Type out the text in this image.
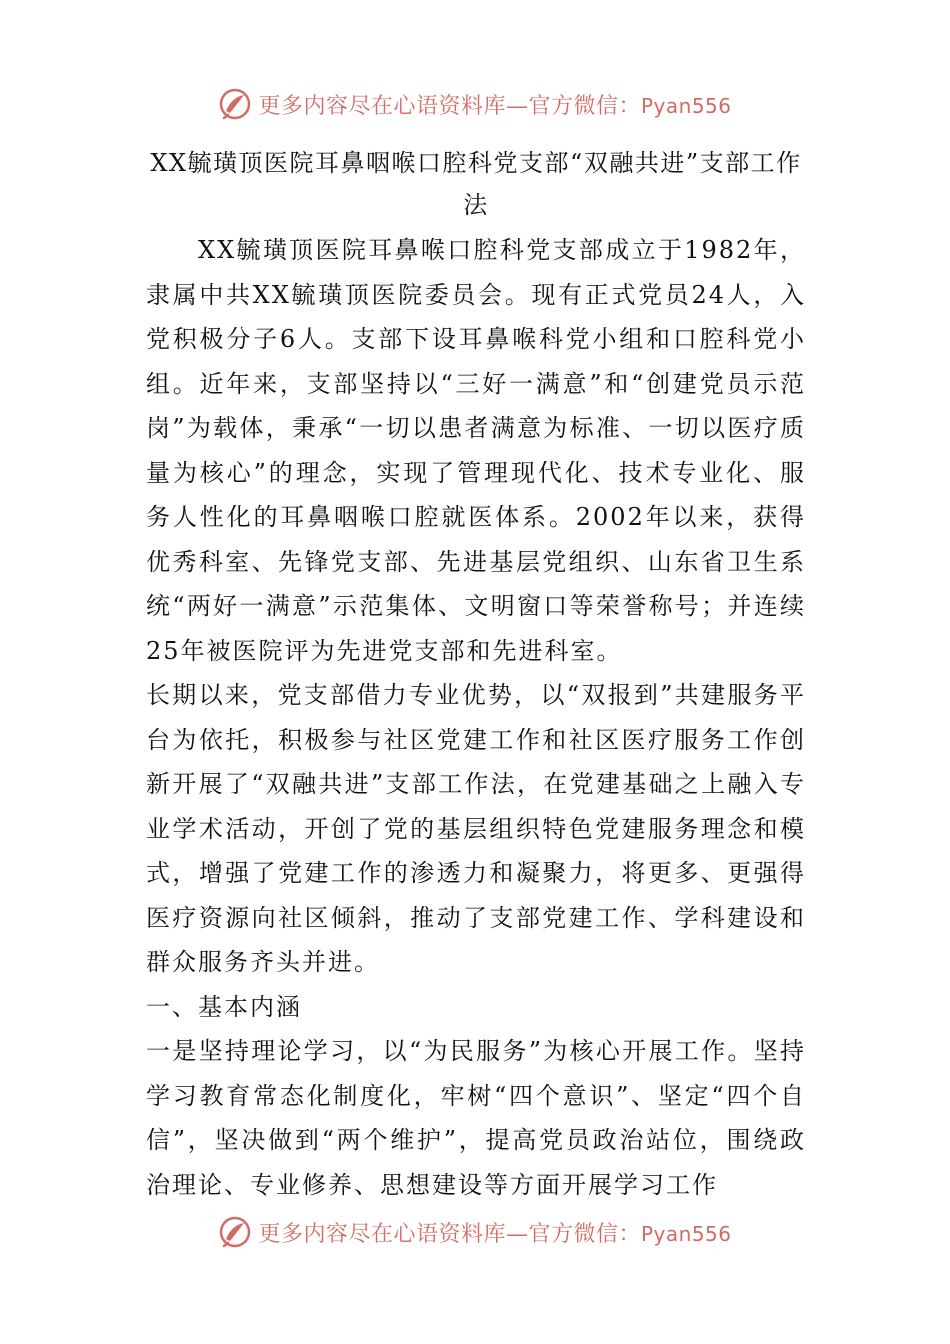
更多内容尽在心语资料库—官方微信：Pyan556
XX毓璜顶医院耳鼻咽喉口腔科党支部“双融共进”支部工作法

XX毓璜顶医院耳鼻喉口腔科党支部成立于1982年，隶属中共XX毓璜顶医院委员会。现有正式党员24人，入党积极分子6人。支部下设耳鼻喉科党小组和口腔科党小组。近年来，支部坚持以“三好一满意”和“创建党员示范岗”为载体，秉承“一切以患者满意为标准、一切以医疗质量为核心”的理念，实现了管理现代化、技术专业化、服务人性化的耳鼻咽喉口腔就医体系。2002年以来，获得优秀科室、先锋党支部、先进基层党组织、山东省卫生系统“两好一满意”示范集体、文明窗口等荣誉称号；并连续25年被医院评为先进党支部和先进科室。

长期以来，党支部借力专业优势，以“双报到”共建服务平台为依托，积极参与社区党建工作和社区医疗服务工作创新开展了“双融共进”支部工作法，在党建基础之上融入专业学术活动，开创了党的基层组织特色党建服务理念和模式，增强了党建工作的渗透力和凝聚力，将更多、更强得医疗资源向社区倾斜，推动了支部党建工作、学科建设和群众服务齐头并进。

一、基本内涵

一是坚持理论学习，以“为民服务”为核心开展工作。坚持学习教育常态化制度化，牢树“四个意识”、坚定“四个自信”，坚决做到“两个维护”，提高党员政治站位，围绕政治理论、专业修养、思想建设等方面开展学习工作

更多内容尽在心语资料库—官方微信：Pyan556
